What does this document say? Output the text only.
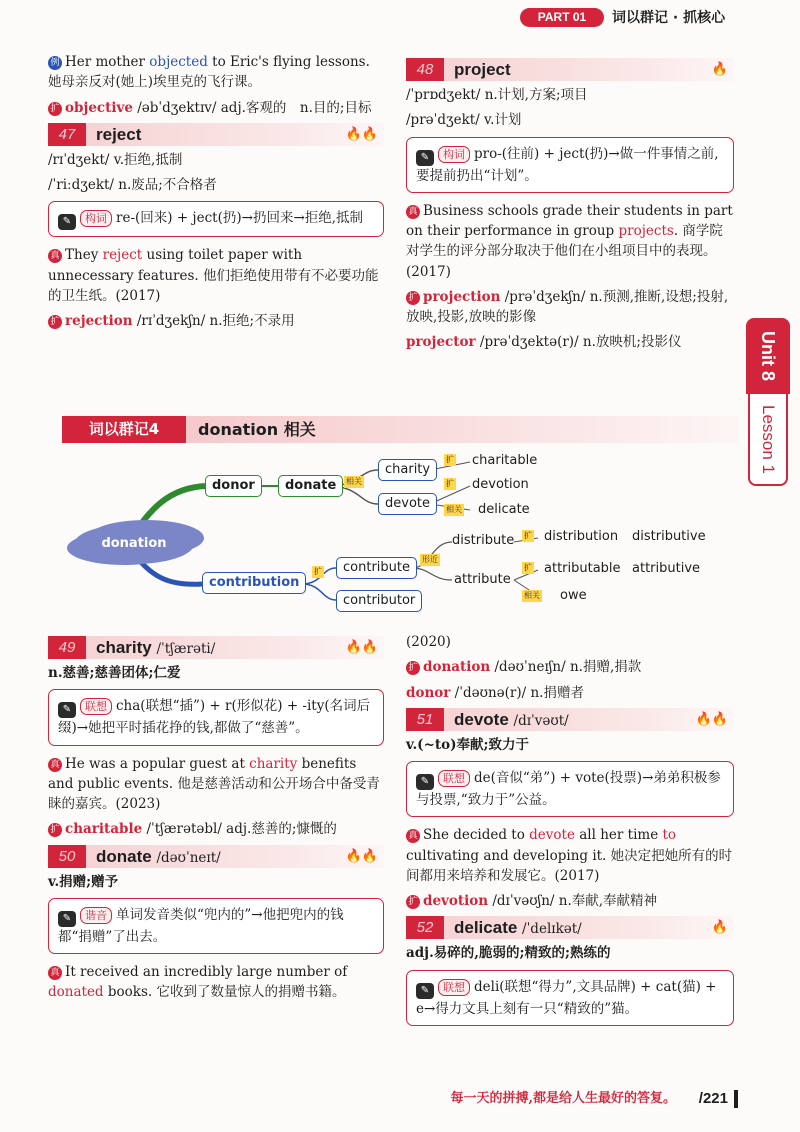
PART 01	词以群记 · 抓核心
Unit 8
Lesson 1

例 Her mother objected to Eric's flying lessons. 她母亲反对(她上)埃里克的飞行课。

扩 objective /əbˈdʒektɪv/ adj.客观的　n.目的;目标

47	reject	🔥🔥

/rɪˈdʒekt/ v.拒绝,抵制

/ˈriːdʒekt/ n.废品;不合格者

✎ 构词 re-(回来) + ject(扔)→扔回来→拒绝,抵制

真 They reject using toilet paper with unnecessary features. 他们拒绝使用带有不必要功能的卫生纸。(2017)

扩 rejection /rɪˈdʒekʃn/ n.拒绝;不录用

48	project	🔥

/ˈprɒdʒekt/ n.计划,方案;项目

/prəˈdʒekt/ v.计划

✎ 构词 pro-(往前) + ject(扔)→做一件事情之前,要提前扔出“计划”。

真 Business schools grade their students in part on their performance in group projects. 商学院对学生的评分部分取决于他们在小组项目中的表现。(2017)

扩 projection /prəˈdʒekʃn/ n.预测,推断,设想;投射,放映,投影,放映的影像

projector /prəˈdʒektə(r)/ n.放映机;投影仪

词以群记4	donation 相关
donation
donor	donate	相关
charity
devote
扩 charitable
扩 devotion
相关 delicate
contribution
扩	contribute
contributor
形近
distribute
attribute
扩 distribution distributive
扩 attributable attributive
相关 owe
49	charity /ˈtʃærəti/	🔥🔥

n.慈善;慈善团体;仁爱

✎ 联想 cha(联想“插”) + r(形似花) + -ity(名词后缀)→她把平时插花挣的钱,都做了“慈善”。

真 He was a popular guest at charity benefits and public events. 他是慈善活动和公开场合中备受青睐的嘉宾。(2023)

扩 charitable /ˈtʃærətəbl/ adj.慈善的;慷慨的

50	donate /dəʊˈneɪt/	🔥🔥

v.捐赠;赠予

✎ 谐音 单词发音类似“兜内的”→他把兜内的钱都“捐赠”了出去。

真 It received an incredibly large number of donated books. 它收到了数量惊人的捐赠书籍。

(2020)

扩 donation /dəʊˈneɪʃn/ n.捐赠,捐款

donor /ˈdəʊnə(r)/ n.捐赠者

51	devote /dɪˈvəʊt/	🔥🔥

v.(~to)奉献;致力于

✎ 联想 de(音似“弟”) + vote(投票)→弟弟积极参与投票,“致力于”公益。

真 She decided to devote all her time to cultivating and developing it. 她决定把她所有的时间都用来培养和发展它。(2017)

扩 devotion /dɪˈvəʊʃn/ n.奉献,奉献精神

52	delicate /ˈdelɪkət/	🔥

adj.易碎的,脆弱的;精致的;熟练的

✎ 联想 deli(联想“得力”,文具品牌) + cat(猫) + e→得力文具上刻有一只“精致的”猫。
每一天的拼搏,都是给人生最好的答复。 /221
